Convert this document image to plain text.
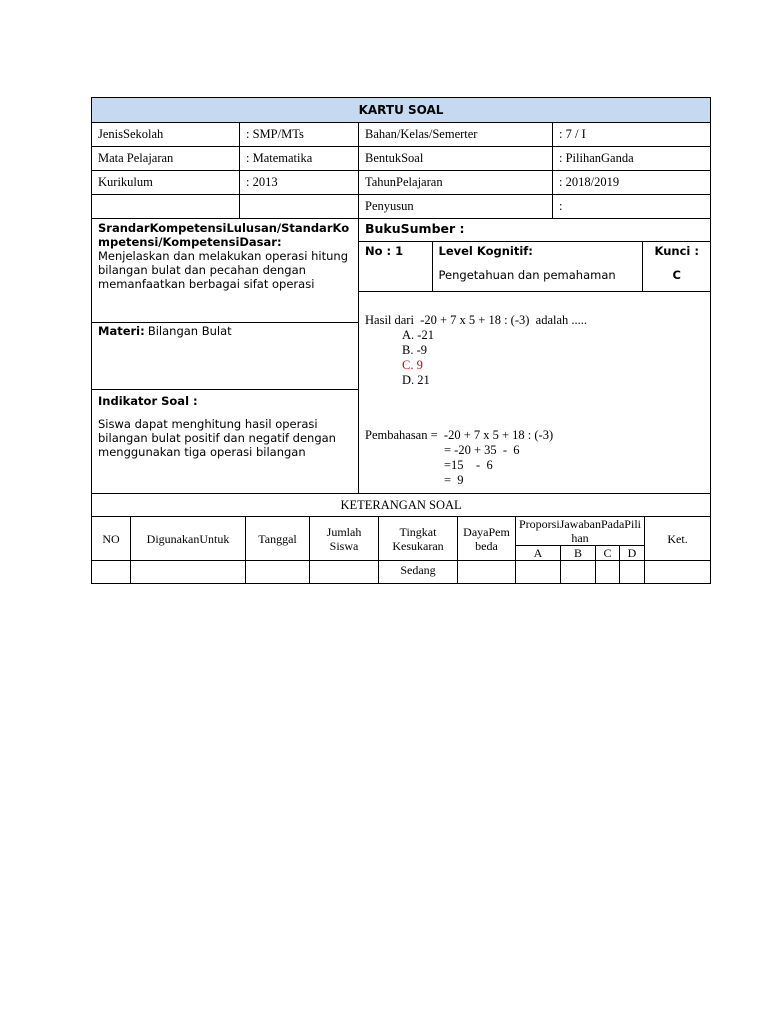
KARTU SOAL			
JenisSekolah	: SMP/MTs	Bahan/Kelas/Semerter	: 7 / I
Mata Pelajaran	: Matematika	BentukSoal	: PilihanGanda
Kurikulum	: 2013	TahunPelajaran	: 2018/2019
		Penyusun	:
SrandarKompetensiLulusan/StandarKompetensi/KompetensiDasar:
Menjelaskan dan melakukan operasi hitung bilangan bulat dan pecahan dengan memanfaatkan berbagai sifat operasi
Materi: Bilangan Bulat
Indikator Soal :
Siswa dapat menghitung hasil operasi bilangan bulat positif dan negatif dengan menggunakan tiga operasi bilangan

BukuSumber :
No : 1	Level Kognitif:
Pengetahuan dan pemahaman

Kunci :
C
Hasil dari  -20 + 7 x 5 + 18 : (-3)  adalah .....
A. -21
B. -9
C. 9
D. 21
Pembahasan =  -20 + 7 x 5 + 18 : (-3)
= -20 + 35  -  6
=15    -  6
=  9
KETERANGAN SOAL										
NO	DigunakanUntuk	Tanggal	Jumlah Siswa	Tingkat Kesukaran	DayaPembeda	ProporsiJawabanPadaPilihan				Ket.
						A	B	C	D	
				Sedang						
